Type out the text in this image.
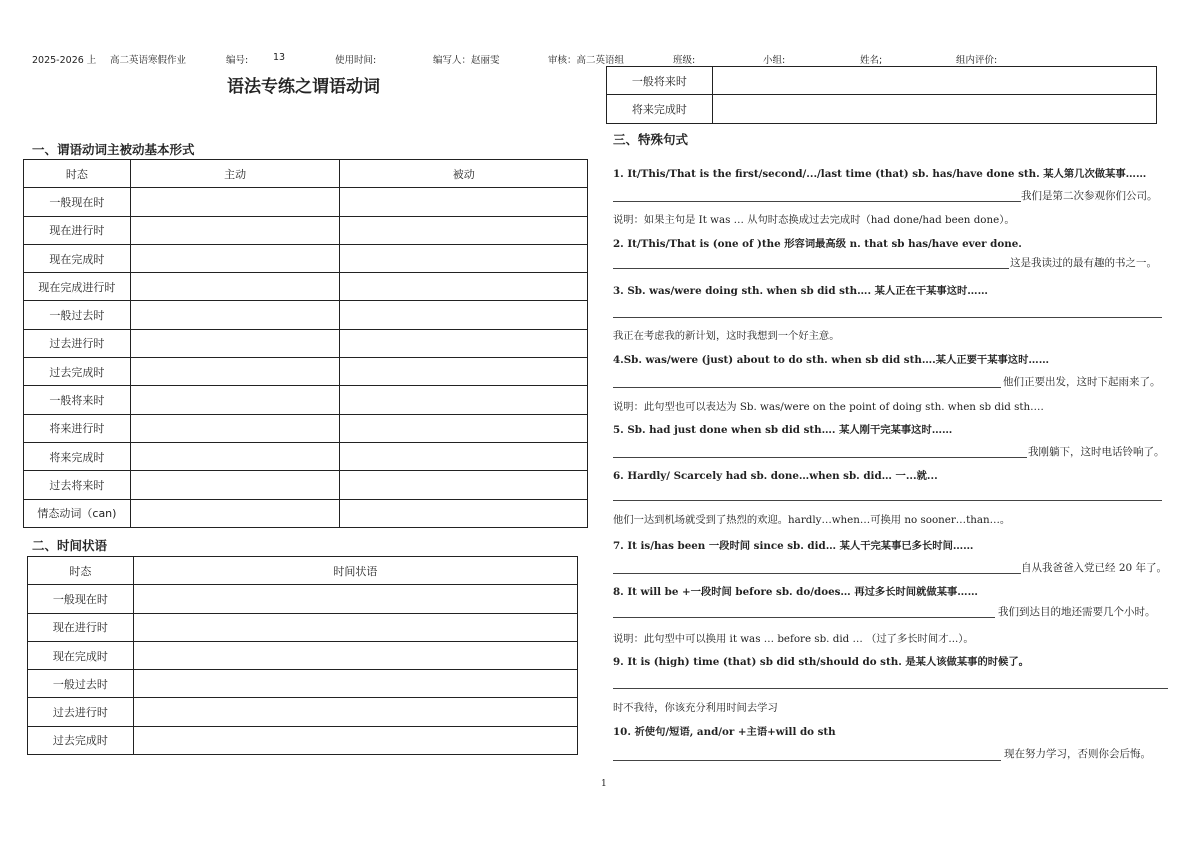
2025-2026 上 高二英语寒假作业	编号:	13	使用时间:	编写人：赵丽雯	审核：高二英语组	班级:	小组:	姓名;	组内评价:
语法专练之谓语动词
一、谓语动词主被动基本形式
时态	主动	被动
一般现在时		
现在进行时		
现在完成时		
现在完成进行时		
一般过去时		
过去进行时		
过去完成时		
一般将来时		
将来进行时		
将来完成时		
过去将来时		
情态动词（can)		
二、时间状语
时态	时间状语
一般现在时	
现在进行时	
现在完成时	
一般过去时	
过去进行时	
过去完成时	
一般将来时	
将来完成时	
三、特殊句式
1. It/This/That is the first/second/.../last time (that) sb. has/have done sth. 某人第几次做某事……
我们是第二次参观你们公司。
说明：如果主句是 It was … 从句时态换成过去完成时（had done/had been done）。
2. It/This/That is (one of )the 形容词最高级 n. that sb has/have ever done.
这是我读过的最有趣的书之一。
3. Sb. was/were doing sth. when sb did sth…. 某人正在干某事这时……
我正在考虑我的新计划，这时我想到一个好主意。
4.Sb. was/were (just) about to do sth. when sb did sth….某人正要干某事这时……
他们正要出发，这时下起雨来了。
说明：此句型也可以表达为 Sb. was/were on the point of doing sth. when sb did sth….
5. Sb. had just done when sb did sth…. 某人刚干完某事这时……
我刚躺下，这时电话铃响了。
6. Hardly/ Scarcely had sb. done…when sb. did… 一...就...
他们一达到机场就受到了热烈的欢迎。hardly…when…可换用 no sooner…than…。
7. It is/has been 一段时间 since sb. did… 某人干完某事已多长时间……
自从我爸爸入党已经 20 年了。
8. It will be +一段时间 before sb. do/does… 再过多长时间就做某事……
我们到达目的地还需要几个小时。
说明：此句型中可以换用 it was … before sb. did … （过了多长时间才...）。
9. It is (high) time (that) sb did sth/should do sth. 是某人该做某事的时候了。
时不我待，你该充分利用时间去学习
10. 祈使句/短语, and/or +主语+will do sth
现在努力学习，否则你会后悔。
1
